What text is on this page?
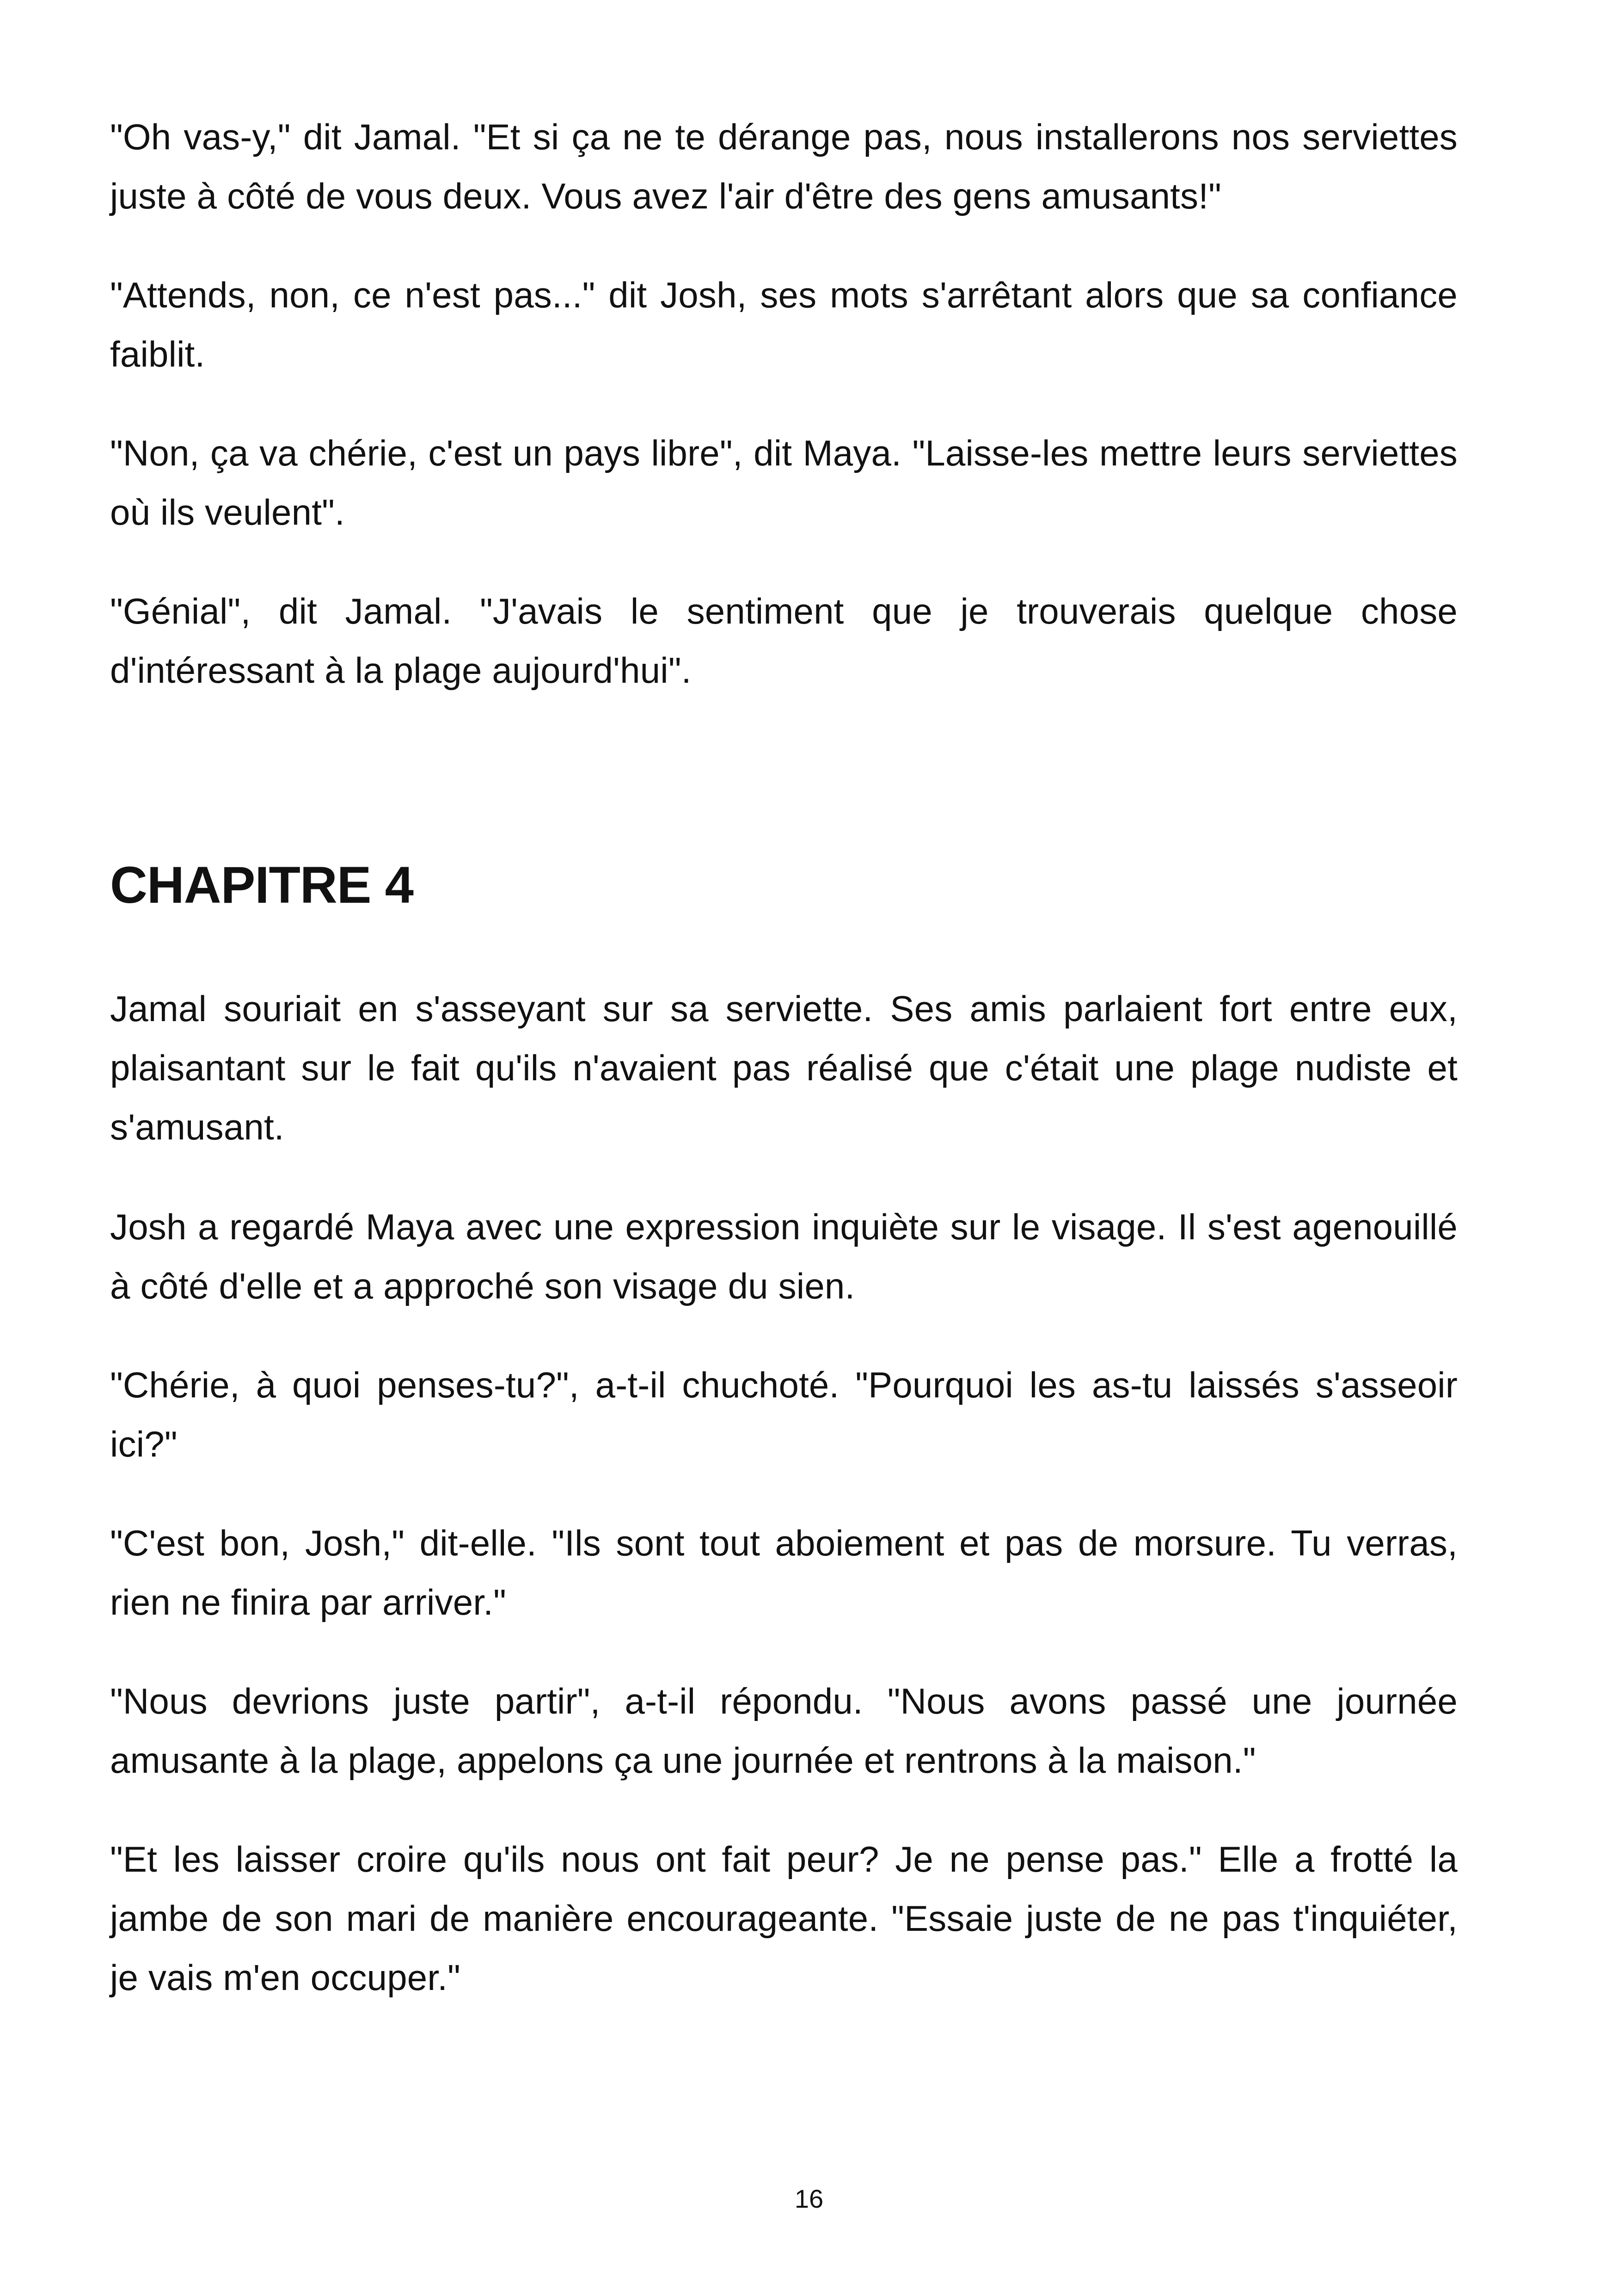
"Oh vas-y," dit Jamal. "Et si ça ne te dérange pas, nous installerons nos serviettes juste à côté de vous deux. Vous avez l'air d'être des gens amusants!"

"Attends, non, ce n'est pas..." dit Josh, ses mots s'arrêtant alors que sa confiance faiblit.

"Non, ça va chérie, c'est un pays libre", dit Maya. "Laisse-les mettre leurs serviettes où ils veulent".

"Génial", dit Jamal. "J'avais le sentiment que je trouverais quelque chose d'intéressant à la plage aujourd'hui".

CHAPITRE 4

Jamal souriait en s'asseyant sur sa serviette. Ses amis parlaient fort entre eux, plaisantant sur le fait qu'ils n'avaient pas réalisé que c'était une plage nudiste et s'amusant.

Josh a regardé Maya avec une expression inquiète sur le visage. Il s'est agenouillé à côté d'elle et a approché son visage du sien.

"Chérie, à quoi penses-tu?", a-t-il chuchoté. "Pourquoi les as-tu laissés s'asseoir ici?"

"C'est bon, Josh," dit-elle. "Ils sont tout aboiement et pas de morsure. Tu verras, rien ne finira par arriver."

"Nous devrions juste partir", a-t-il répondu. "Nous avons passé une journée amusante à la plage, appelons ça une journée et rentrons à la maison."

"Et les laisser croire qu'ils nous ont fait peur? Je ne pense pas." Elle a frotté la jambe de son mari de manière encourageante. "Essaie juste de ne pas t'inquiéter, je vais m'en occuper."

16
